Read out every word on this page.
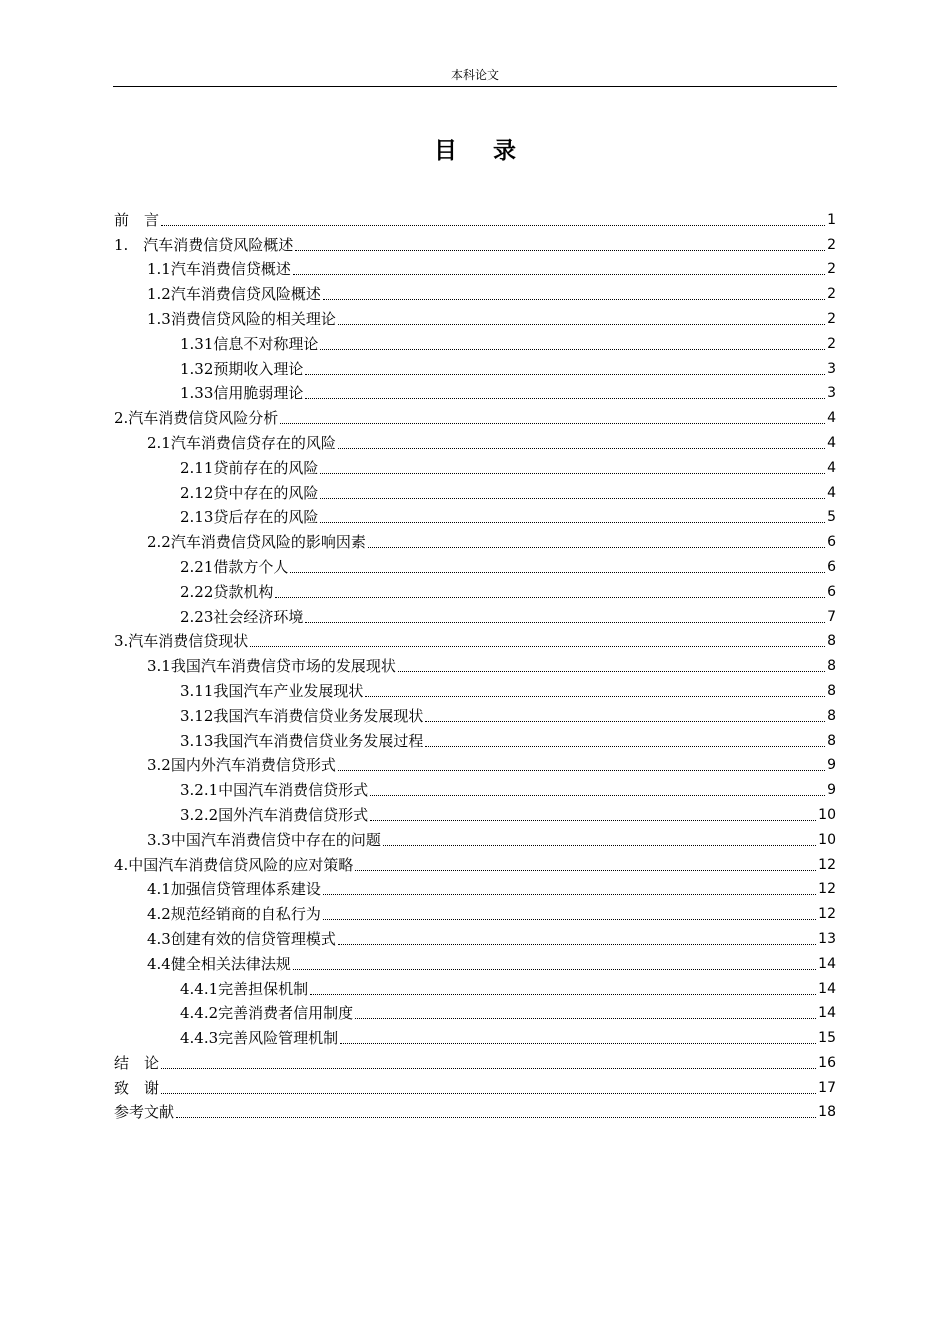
本科论文
目 录
前　言	1
1.　汽车消费信贷风险概述	2
1.1汽车消费信贷概述	2
1.2汽车消费信贷风险概述	2
1.3消费信贷风险的相关理论	2
1.31信息不对称理论	2
1.32预期收入理论	3
1.33信用脆弱理论	3
2.汽车消费信贷风险分析	4
2.1汽车消费信贷存在的风险	4
2.11贷前存在的风险	4
2.12贷中存在的风险	4
2.13贷后存在的风险	5
2.2汽车消费信贷风险的影响因素	6
2.21借款方个人	6
2.22贷款机构	6
2.23社会经济环境	7
3.汽车消费信贷现状	8
3.1我国汽车消费信贷市场的发展现状	8
3.11我国汽车产业发展现状	8
3.12我国汽车消费信贷业务发展现状	8
3.13我国汽车消费信贷业务发展过程	8
3.2国内外汽车消费信贷形式	9
3.2.1中国汽车消费信贷形式	9
3.2.2国外汽车消费信贷形式	10
3.3中国汽车消费信贷中存在的问题	10
4.中国汽车消费信贷风险的应对策略	12
4.1加强信贷管理体系建设	12
4.2规范经销商的自私行为	12
4.3创建有效的信贷管理模式	13
4.4健全相关法律法规	14
4.4.1完善担保机制	14
4.4.2完善消费者信用制度	14
4.4.3完善风险管理机制	15
结　论	16
致　谢	17
参考文献	18
